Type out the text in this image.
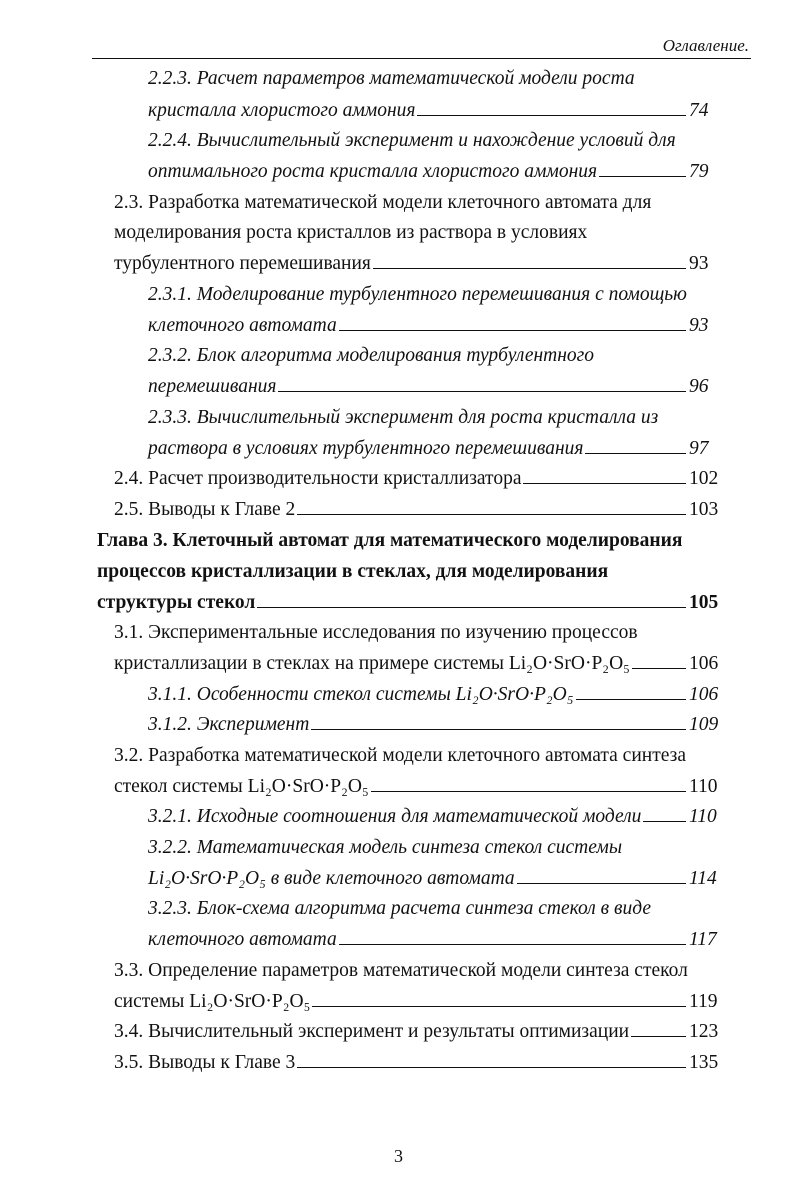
Оглавление.
2.2.3. Расчет параметров математической модели роста
кристалла хлористого аммония	74
2.2.4. Вычислительный эксперимент и нахождение условий для
оптимального роста кристалла хлористого аммония	79
2.3. Разработка математической модели клеточного автомата для
моделирования роста кристаллов из раствора в условиях
турбулентного перемешивания	93
2.3.1. Моделирование турбулентного перемешивания с помощью
клеточного автомата	93
2.3.2. Блок алгоритма моделирования турбулентного
перемешивания	96
2.3.3. Вычислительный эксперимент для роста кристалла из
раствора в условиях турбулентного перемешивания	97
2.4. Расчет производительности кристаллизатора	102
2.5. Выводы к Главе 2	103
Глава 3. Клеточный автомат для математического моделирования
процессов кристаллизации в стеклах, для моделирования
структуры стекол	105
3.1. Экспериментальные исследования по изучению процессов
кристаллизации в стеклах на примере системы Li₂O·SrO·P₂O₅	106
3.1.1. Особенности стекол системы Li₂O·SrO·P₂O₅	106
3.1.2. Эксперимент	109
3.2. Разработка математической модели клеточного автомата синтеза
стекол системы Li₂O·SrO·P₂O₅	110
3.2.1. Исходные соотношения для математической модели 110
3.2.2. Математическая модель синтеза стекол системы
Li₂O·SrO·P₂O₅ в виде клеточного автомата	114
3.2.3. Блок-схема алгоритма расчета синтеза стекол в виде
клеточного автомата	117
3.3. Определение параметров математической модели синтеза стекол
системы Li₂O·SrO·P₂O₅	119
3.4. Вычислительный эксперимент и результаты оптимизации	123
3.5. Выводы к Главе 3	135
3
